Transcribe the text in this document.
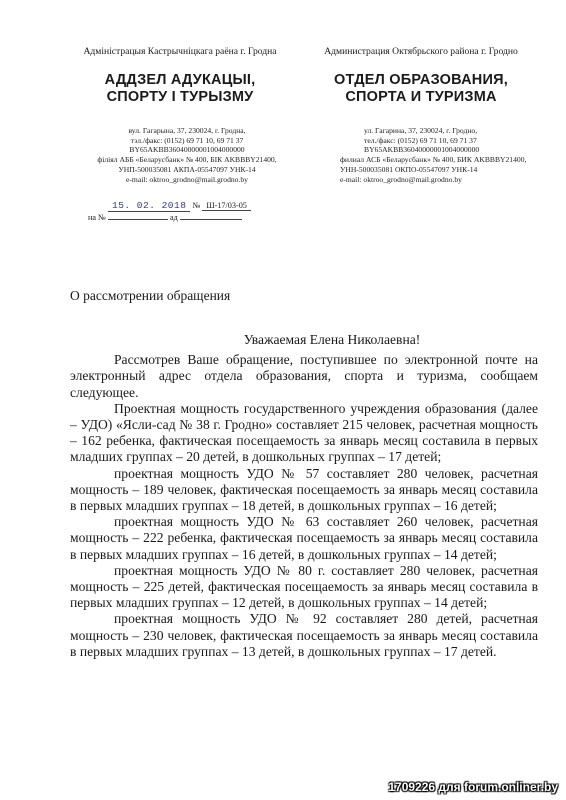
Адміністрацыя Кастрычніцкага раёна г. Гродна
АДДЗЕЛ АДУКАЦЫІ,
СПОРТУ І ТУРЫЗМУ
Администрация Октябрьского района г. Гродно
ОТДЕЛ ОБРАЗОВАНИЯ,
СПОРТА И ТУРИЗМА
вул. Гагарына, 37, 230024, г. Гродна,
тэл./факс: (0152) 69 71 10, 69 71 37
BY65AKBB36040000001004000000
філіял АББ «Беларусбанк» № 400, БІК AKBBBY21400,
УНП-500035081 АКПА-05547097 УНК-14
e-mail: oktroo_grodno@mail.grodno.by
ул. Гагарина, 37, 230024, г. Гродно,
тел./факс: (0152) 69 71 10, 69 71 37
BY65AKBB36040000001004000000
филиал АСБ «Беларусбанк» № 400, БИК AKBBBY21400,
УНН-500035081 ОКПО-05547097 УНК-14
e-mail: oktroo_grodno@mail.grodno.by
15. 02. 2018 № Ш-17/03-05
на №	ад
О рассмотрении обращения
Уважаемая Елена Николаевна!

Рассмотрев Ваше обращение, поступившее по электронной почте на электронный адрес отдела образования, спорта и туризма, сообщаем следующее.

Проектная мощность государственного учреждения образования (далее – УДО) «Ясли-сад № 38 г. Гродно» составляет 215 человек, расчетная мощность – 162 ребенка, фактическая посещаемость за январь месяц составила в первых младших группах – 20 детей, в дошкольных группах – 17 детей;

проектная мощность УДО № 57 составляет 280 человек, расчетная мощность – 189 человек, фактическая посещаемость за январь месяц составила в первых младших группах – 18 детей, в дошкольных группах – 16 детей;

проектная мощность УДО № 63 составляет 260 человек, расчетная мощность – 222 ребенка, фактическая посещаемость за январь месяц составила в первых младших группах – 16 детей, в дошкольных группах – 14 детей;

проектная мощность УДО № 80 г. составляет 280 человек, расчетная мощность – 225 детей, фактическая посещаемость за январь месяц составила в первых младших группах – 12 детей, в дошкольных группах – 14 детей;

проектная мощность УДО № 92 составляет 280 детей, расчетная мощность – 230 человек, фактическая посещаемость за январь месяц составила в первых младших группах – 13 детей, в дошкольных группах – 17 детей.

1709226 для forum.onliner.by
